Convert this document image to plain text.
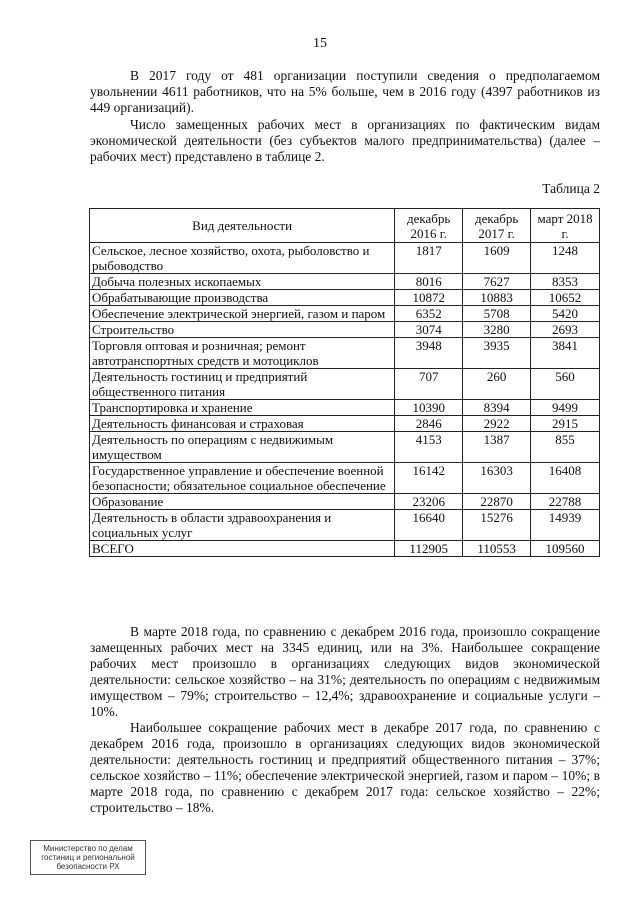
15

В 2017 году от 481 организации поступили сведения о предполагаемом увольнении 4611 работников, что на 5% больше, чем в 2016 году (4397 работников из 449 организаций).

Число замещенных рабочих мест в организациях по фактическим видам экономической деятельности (без субъектов малого предпринимательства) (далее – рабочих мест) представлено в таблице 2.

Таблица 2
Вид деятельности	декабрь 2016 г.	декабрь 2017 г.	март 2018 г.
Сельское, лесное хозяйство, охота, рыболовство и рыбоводство	1817	1609	1248
Добыча полезных ископаемых	8016	7627	8353
Обрабатывающие производства	10872	10883	10652
Обеспечение электрической энергией, газом и паром	6352	5708	5420
Строительство	3074	3280	2693
Торговля оптовая и розничная; ремонт автотранспортных средств и мотоциклов	3948	3935	3841
Деятельность гостиниц и предприятий общественного питания	707	260	560
Транспортировка и хранение	10390	8394	9499
Деятельность финансовая и страховая	2846	2922	2915
Деятельность по операциям с недвижимым имуществом	4153	1387	855
Государственное управление и обеспечение военной безопасности; обязательное социальное обеспечение	16142	16303	16408
Образование	23206	22870	22788
Деятельность в области здравоохранения и социальных услуг	16640	15276	14939
ВСЕГО	112905	110553	109560

В марте 2018 года, по сравнению с декабрем 2016 года, произошло сокращение замещенных рабочих мест на 3345 единиц, или на 3%. Наибольшее сокращение рабочих мест произошло в организациях следующих видов экономической деятельности: сельское хозяйство – на 31%; деятельность по операциям с недвижимым имуществом – 79%; строительство – 12,4%; здравоохранение и социальные услуги – 10%.

Наибольшее сокращение рабочих мест в декабре 2017 года, по сравнению с декабрем 2016 года, произошло в организациях следующих видов экономической деятельности: деятельность гостиниц и предприятий общественного питания – 37%; сельское хозяйство – 11%; обеспечение электрической энергией, газом и паром – 10%; в марте 2018 года, по сравнению с декабрем 2017 года: сельское хозяйство – 22%; строительство – 18%.

Министерство по делам
гостиниц и региональной
безопасности РХ
